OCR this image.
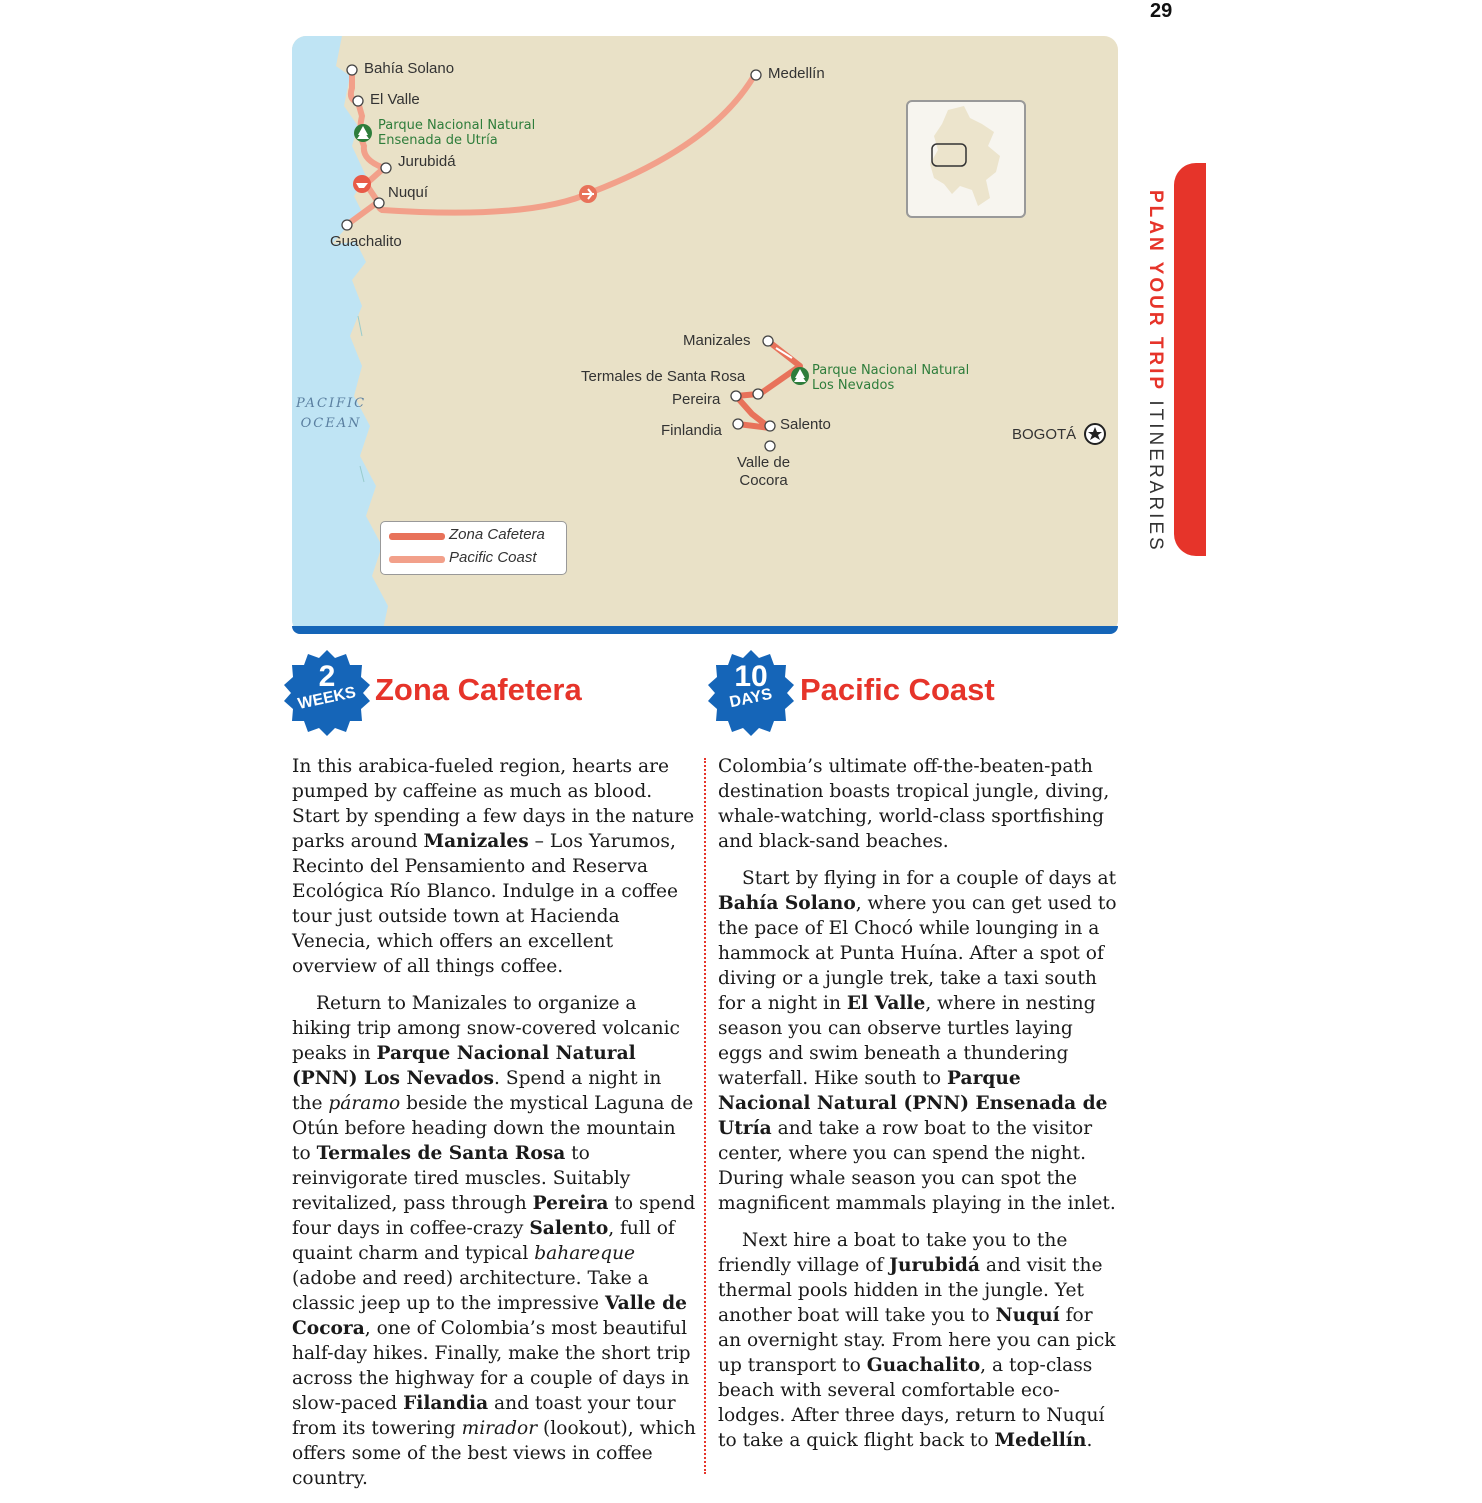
29
PLAN YOUR TRIP ITINERARIES
Bahía Solano
El Valle
Parque Nacional Natural
Ensenada de Utría
Jurubidá
Nuquí
Guachalito
Medellín
Manizales
Parque Nacional Natural
Los Nevados
Termales de Santa Rosa
Pereira
Finlandia	Salento
Valle de
Cocora
BOGOTÁ
PACIFIC
OCEAN
Zona Cafetera
Pacific Coast
2
WEEKS Zona Cafetera	10
DAYS Pacific Coast

In this arabica-fueled region, hearts are pumped by caffeine as much as blood. Start by spending a few days in the nature parks around Manizales – Los Yarumos, Recinto del Pensamiento and Reserva Ecológica Río Blanco. Indulge in a coffee tour just outside town at Hacienda Venecia, which offers an excellent overview of all things coffee.

Return to Manizales to organize a hiking trip among snow-covered volcanic peaks in Parque Nacional Natural (PNN) Los Nevados. Spend a night in the páramo beside the mystical Laguna de Otún before heading down the mountain to Termales de Santa Rosa to reinvigorate tired muscles. Suitably revitalized, pass through Pereira to spend four days in coffee-crazy Salento, full of quaint charm and typical bahareque (adobe and reed) architecture. Take a classic jeep up to the impressive Valle de Cocora, one of Colombia’s most beautiful half-day hikes. Finally, make the short trip across the highway for a couple of days in slow-paced Filandia and toast your tour from its towering mirador (lookout), which offers some of the best views in coffee country.

Colombia’s ultimate off-the-beaten-path destination boasts tropical jungle, diving, whale-watching, world-class sportfishing and black-sand beaches.

Start by flying in for a couple of days at Bahía Solano, where you can get used to the pace of El Chocó while lounging in a hammock at Punta Huína. After a spot of diving or a jungle trek, take a taxi south for a night in El Valle, where in nesting season you can observe turtles laying eggs and swim beneath a thundering waterfall. Hike south to Parque Nacional Natural (PNN) Ensenada de Utría and take a row boat to the visitor center, where you can spend the night. During whale season you can spot the magnificent mammals playing in the inlet.

Next hire a boat to take you to the friendly village of Jurubidá and visit the thermal pools hidden in the jungle. Yet another boat will take you to Nuquí for an overnight stay. From here you can pick up transport to Guachalito, a top-class beach with several comfortable eco-lodges. After three days, return to Nuquí to take a quick flight back to Medellín.
